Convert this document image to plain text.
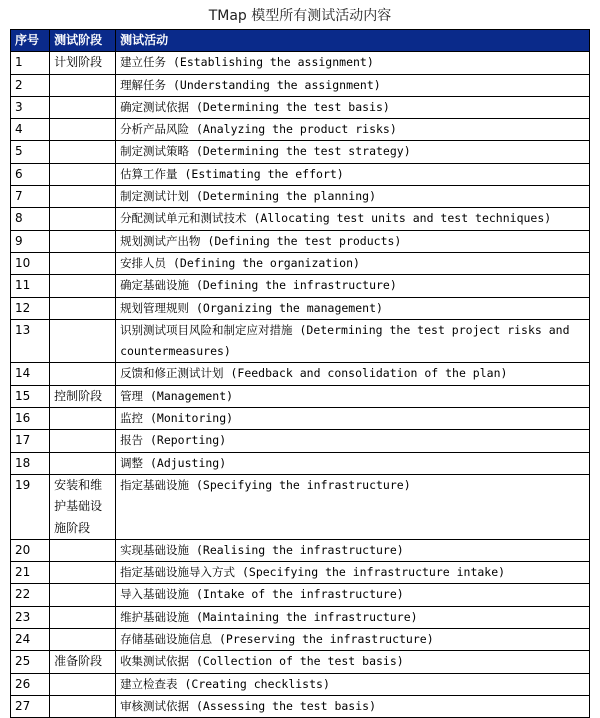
TMap 模型所有测试活动内容
序号	测试阶段	测试活动
1	计划阶段	建立任务 (Establishing the assignment)
2		理解任务 (Understanding the assignment)
3		确定测试依据 (Determining the test basis)
4		分析产品风险 (Analyzing the product risks)
5		制定测试策略 (Determining the test strategy)
6		估算工作量 (Estimating the effort)
7		制定测试计划 (Determining the planning)
8		分配测试单元和测试技术 (Allocating test units and test techniques)
9		规划测试产出物 (Defining the test products)
10		安排人员 (Defining the organization)
11		确定基础设施 (Defining the infrastructure)
12		规划管理规则 (Organizing the management)
13		识别测试项目风险和制定应对措施 (Determining the test project risks and countermeasures)
14		反馈和修正测试计划 (Feedback and consolidation of the plan)
15	控制阶段	管理 (Management)
16		监控 (Monitoring)
17		报告 (Reporting)
18		调整 (Adjusting)
19	安装和维护基础设施阶段	指定基础设施 (Specifying the infrastructure)
20		实现基础设施 (Realising the infrastructure)
21		指定基础设施导入方式 (Specifying the infrastructure intake)
22		导入基础设施 (Intake of the infrastructure)
23		维护基础设施 (Maintaining the infrastructure)
24		存储基础设施信息 (Preserving the infrastructure)
25	准备阶段	收集测试依据 (Collection of the test basis)
26		建立检查表 (Creating checklists)
27		审核测试依据 (Assessing the test basis)
